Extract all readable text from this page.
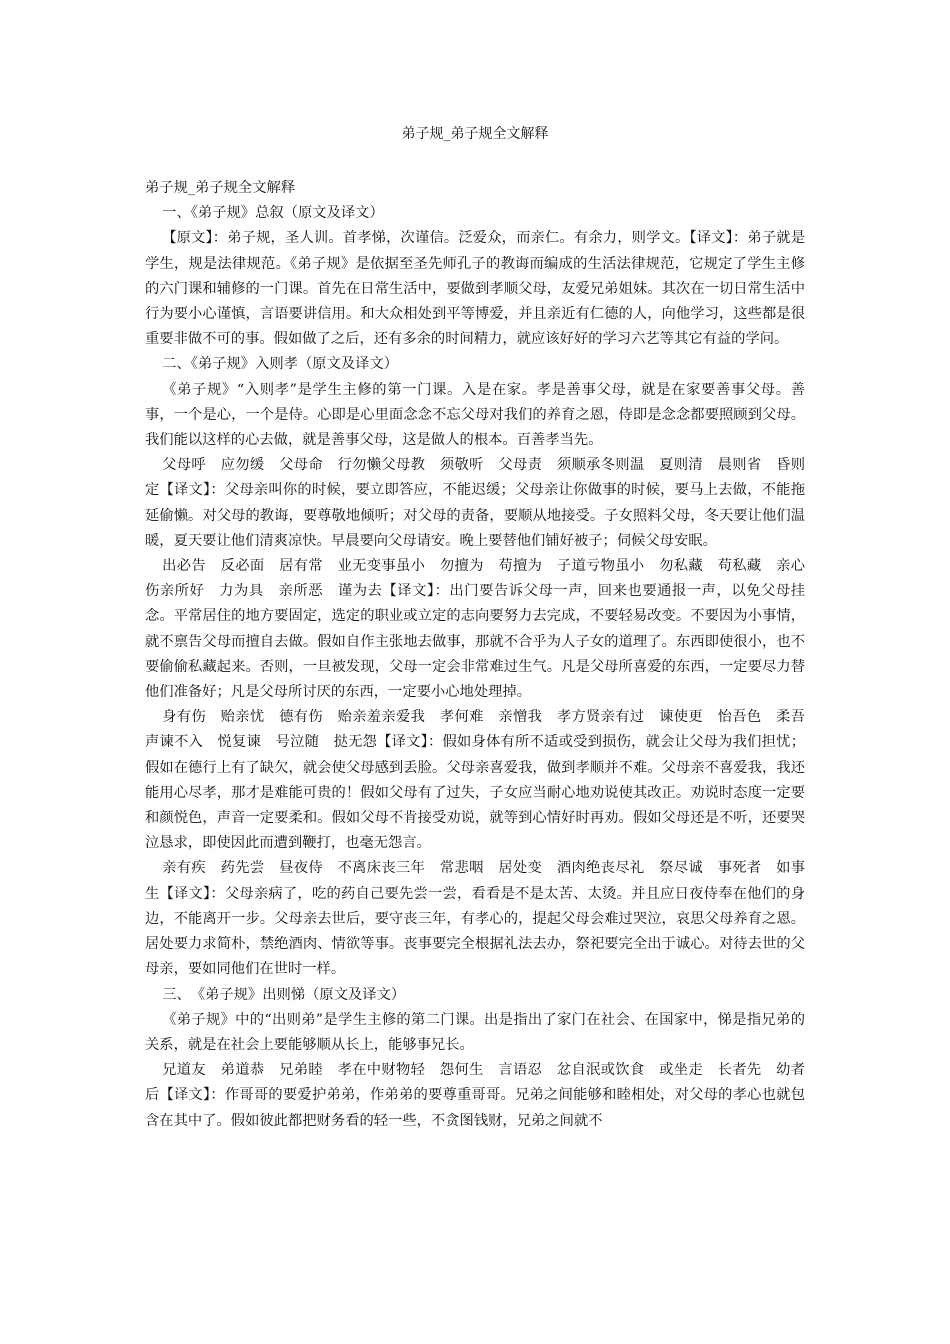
弟子规_弟子规全文解释

弟子规_弟子规全文解释

一、《弟子规》总叙（原文及译文）

【原文】：弟子规，圣人训。首孝悌，次谨信。泛爱众，而亲仁。有余力，则学文。【译文】：弟子就是学生，规是法律规范。《弟子规》是依据至圣先师孔子的教诲而编成的生活法律规范，它规定了学生主修的六门课和辅修的一门课。首先在日常生活中，要做到孝顺父母，友爱兄弟姐妹。其次在一切日常生活中行为要小心谨慎，言语要讲信用。和大众相处到平等博爱，并且亲近有仁德的人，向他学习，这些都是很重要非做不可的事。假如做了之后，还有多余的时间精力，就应该好好的学习六艺等其它有益的学问。

二、《弟子规》入则孝（原文及译文）

《弟子规》“入则孝”是学生主修的第一门课。入是在家。孝是善事父母，就是在家要善事父母。善事，一个是心，一个是侍。心即是心里面念念不忘父母对我们的养育之恩，侍即是念念都要照顾到父母。我们能以这样的心去做，就是善事父母，这是做人的根本。百善孝当先。

父母呼　应勿缓　父母命　行勿懒父母教　须敬听　父母责　须顺承冬则温　夏则清　晨则省　昏则定【译文】：父母亲叫你的时候，要立即答应，不能迟缓；父母亲让你做事的时候，要马上去做，不能拖延偷懒。对父母的教诲，要尊敬地倾听；对父母的责备，要顺从地接受。子女照料父母，冬天要让他们温暖，夏天要让他们清爽凉快。早晨要向父母请安。晚上要替他们铺好被子；伺候父母安眠。

出必告　反必面　居有常　业无变事虽小　勿擅为　苟擅为　子道亏物虽小　勿私藏　苟私藏　亲心伤亲所好　力为具　亲所恶　谨为去【译文】：出门要告诉父母一声，回来也要通报一声，以免父母挂念。平常居住的地方要固定，选定的职业或立定的志向要努力去完成，不要轻易改变。不要因为小事情，就不禀告父母而擅自去做。假如自作主张地去做事，那就不合乎为人子女的道理了。东西即使很小，也不要偷偷私藏起来。否则，一旦被发现，父母一定会非常难过生气。凡是父母所喜爱的东西，一定要尽力替他们准备好；凡是父母所讨厌的东西，一定要小心地处理掉。

身有伤　贻亲忧　德有伤　贻亲羞亲爱我　孝何难　亲憎我　孝方贤亲有过　谏使更　怡吾色　柔吾声谏不入　悦复谏　号泣随　挞无怨【译文】：假如身体有所不适或受到损伤，就会让父母为我们担忧；假如在德行上有了缺欠，就会使父母感到丢脸。父母亲喜爱我，做到孝顺并不难。父母亲不喜爱我，我还能用心尽孝，那才是难能可贵的！假如父母有了过失，子女应当耐心地劝说使其改正。劝说时态度一定要和颜悦色，声音一定要柔和。假如父母不肯接受劝说，就等到心情好时再劝。假如父母还是不听，还要哭泣恳求，即使因此而遭到鞭打，也毫无怨言。

亲有疾　药先尝　昼夜侍　不离床丧三年　常悲咽　居处变　酒肉绝丧尽礼　祭尽诚　事死者　如事生【译文】：父母亲病了，吃的药自己要先尝一尝，看看是不是太苦、太烫。并且应日夜侍奉在他们的身边，不能离开一步。父母亲去世后，要守丧三年，有孝心的，提起父母会难过哭泣，哀思父母养育之恩。居处要力求简朴，禁绝酒肉、情欲等事。丧事要完全根据礼法去办，祭祀要完全出于诚心。对待去世的父母亲，要如同他们在世时一样。

三、　《弟子规》出则悌（原文及译文）

《弟子规》中的“出则弟”是学生主修的第二门课。出是指出了家门在社会、在国家中，悌是指兄弟的关系，就是在社会上要能够顺从长上，能够事兄长。

兄道友　弟道恭　兄弟睦　孝在中财物轻　怨何生　言语忍　忿自泯或饮食　或坐走　长者先　幼者后【译文】：作哥哥的要爱护弟弟，作弟弟的要尊重哥哥。兄弟之间能够和睦相处，对父母的孝心也就包含在其中了。假如彼此都把财务看的轻一些，不贪图钱财，兄弟之间就不
